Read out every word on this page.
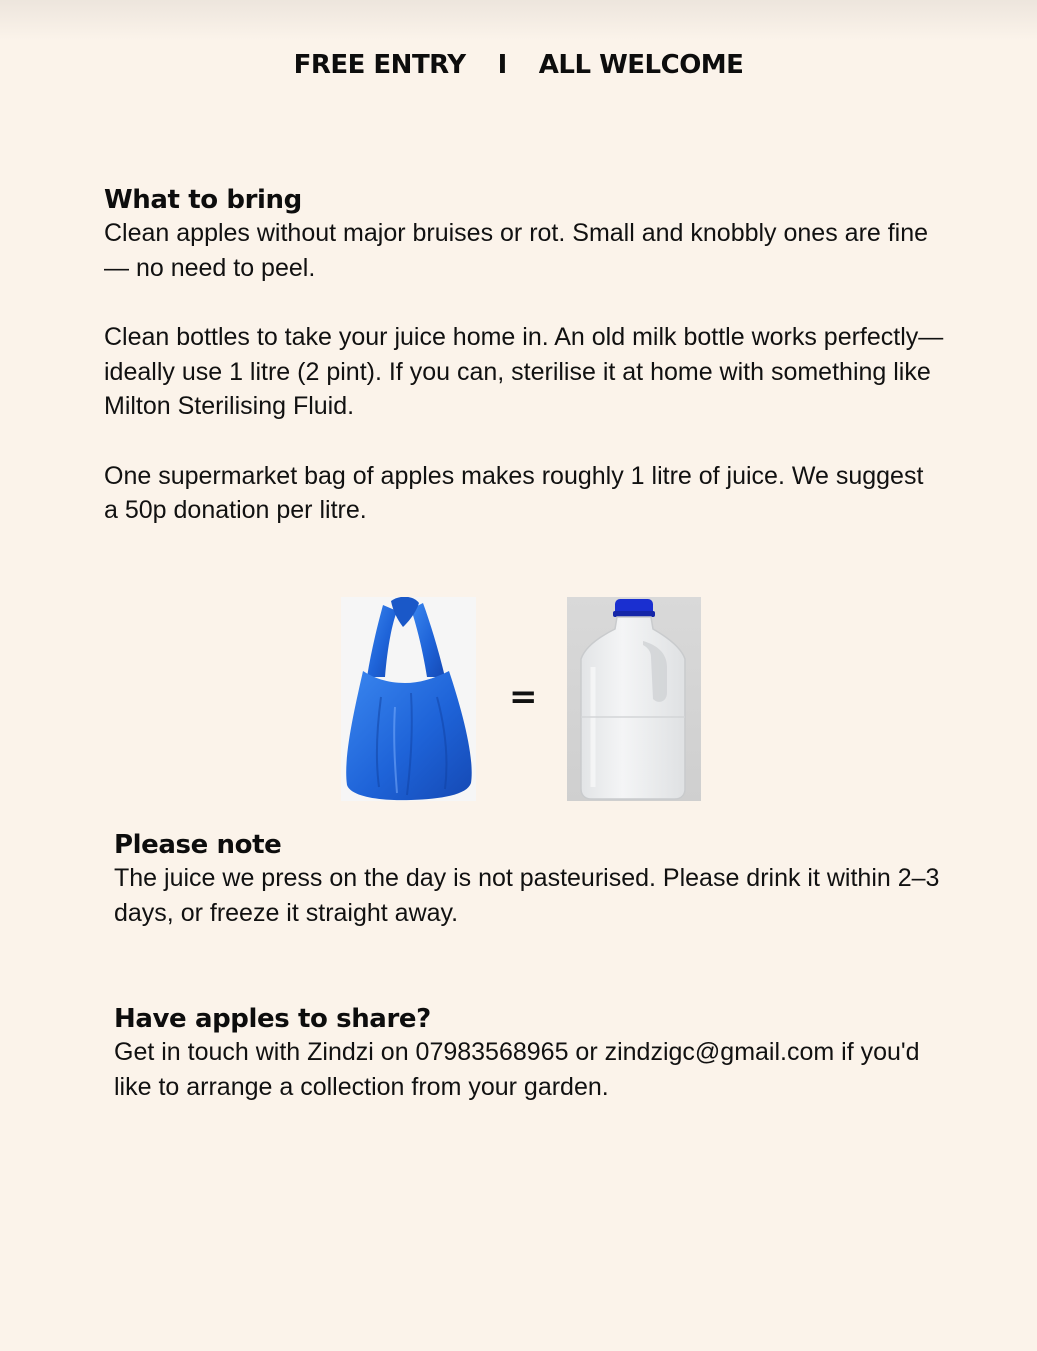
FREE ENTRY I ALL WELCOME
What to bring

Clean apples without major bruises or rot. Small and knobbly ones are fine— no need to peel.

Clean bottles to take your juice home in. An old milk bottle works perfectly— ideally use 1 litre (2 pint). If you can, sterilise it at home with something like Milton Sterilising Fluid.

One supermarket bag of apples makes roughly 1 litre of juice. We suggest a 50p donation per litre.

=
Please note

The juice we press on the day is not pasteurised. Please drink it within 2–3 days, or freeze it straight away.

Have apples to share?

Get in touch with Zindzi on 07983568965 or zindzigc@gmail.com if you'd like to arrange a collection from your garden.
